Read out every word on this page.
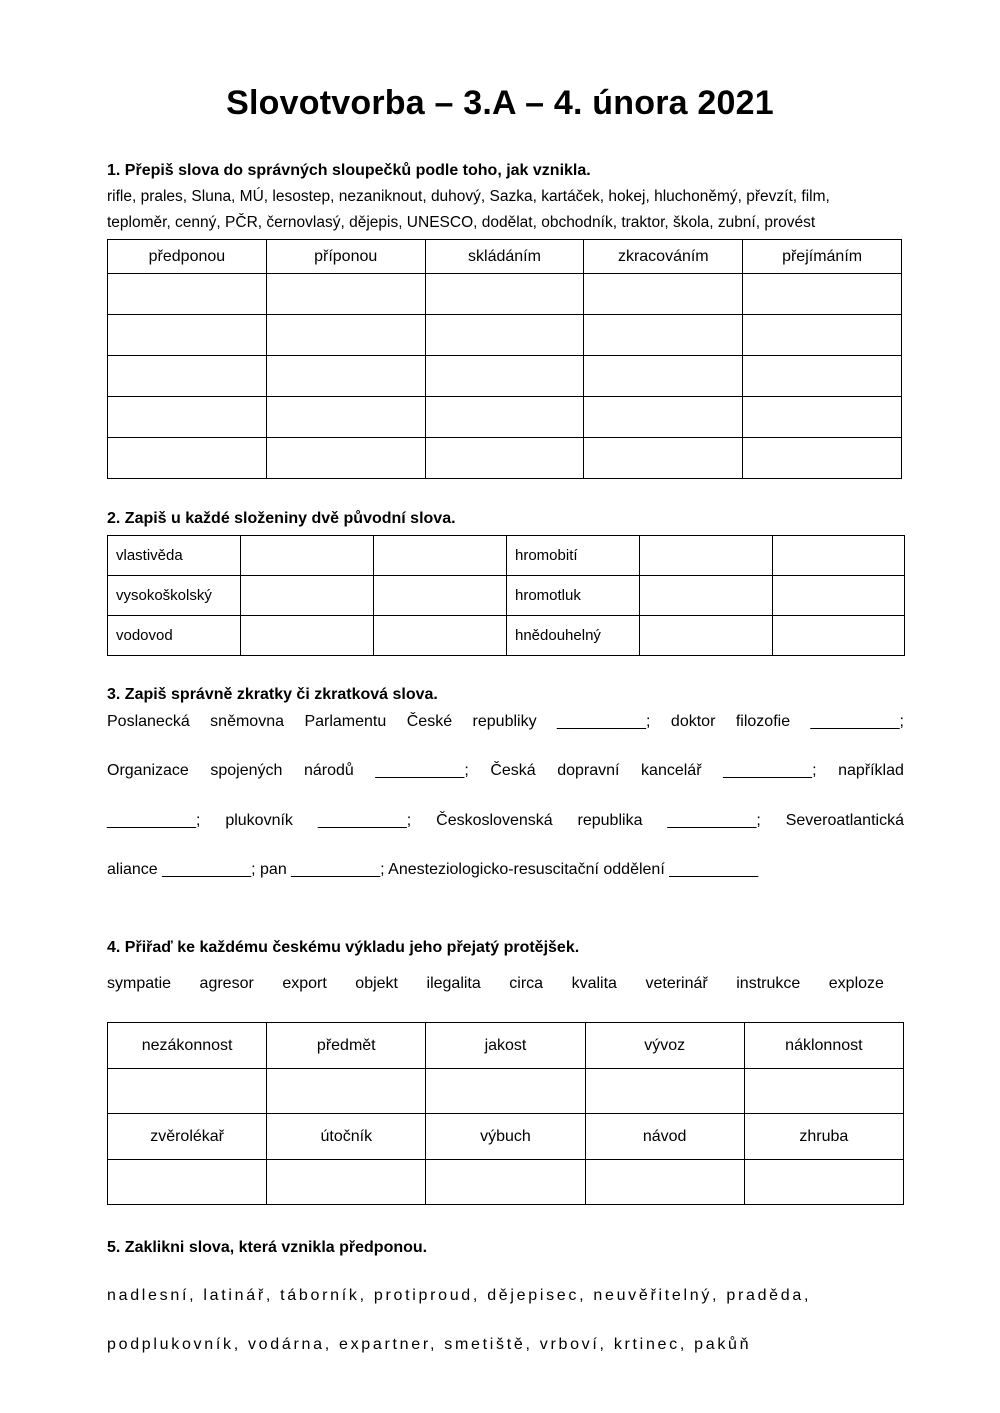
Slovotvorba – 3.A – 4. února 2021
1. Přepiš slova do správných sloupečků podle toho, jak vznikla.
rifle, prales, Sluna, MÚ, lesostep, nezaniknout, duhový, Sazka, kartáček, hokej, hluchoněmý, převzít, film,
teploměr, cenný, PČR, černovlasý, dějepis, UNESCO, dodělat, obchodník, traktor, škola, zubní, provést
předponou	příponou	skládáním	zkracováním	přejímáním

2. Zapiš u každé složeniny dvě původní slova.
vlastivěda			hromobití		
vysokoškolský			hromotluk		
vodovod			hnědouhelný		
3. Zapiš správně zkratky či zkratková slova.
Poslanecká sněmovna Parlamentu České republiky __________; doktor filozofie __________;
Organizace spojených národů __________; Česká dopravní kancelář __________; například
__________; plukovník __________; Československá republika __________; Severoatlantická
aliance __________; pan __________; Anesteziologicko-resuscitační oddělení __________
4. Přiřaď ke každému českému výkladu jeho přejatý protějšek.
sympatie agresor export objekt ilegalita circa kvalita veterinář instrukce exploze
nezákonnost	předmět	jakost	vývoz	náklonnost

zvěrolékař	útočník	výbuch	návod	zhruba

5. Zaklikni slova, která vznikla předponou.
nadlesní, latinář, táborník, protiproud, dějepisec, neuvěřitelný, praděda,
podplukovník, vodárna, expartner, smetiště, vrboví, krtinec, pakůň
